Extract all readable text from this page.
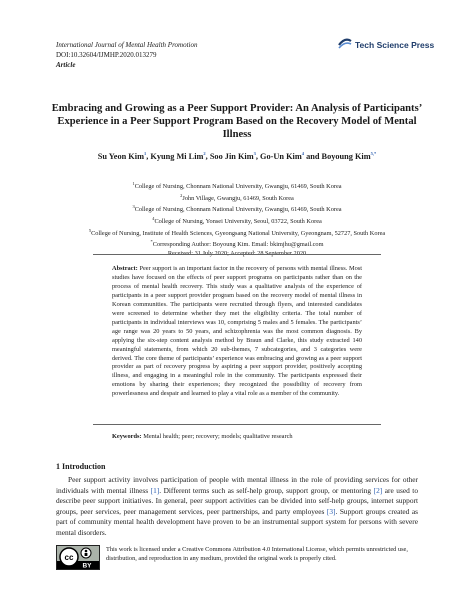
International Journal of Mental Health Promotion
DOI:10.32604/IJMHP.2020.013279
Article
Tech Science Press
Embracing and Growing as a Peer Support Provider: An Analysis of Participants’ Experience in a Peer Support Program Based on the Recovery Model of Mental Illness
Su Yeon Kim$^1$, Kyung Mi Lim$^2$, Soo Jin Kim$^3$, Go-Un Kim$^4$ and Boyoung Kim$^{5,*}$
$^1$College of Nursing, Chonnam National University, Gwangju, 61469, South Korea
$^2$John Village, Gwangju, 61469, South Korea
$^3$College of Nursing, Chonnam National University, Gwangju, 61469, South Korea
$^4$College of Nursing, Yonsei University, Seoul, 03722, South Korea
$^5$College of Nursing, Institute of Health Sciences, Gyeongsang National University, Gyeongnam, 52727, South Korea
*Corresponding Author: Boyoung Kim. Email: bkimjhu@gmail.com
Received: 31 July 2020; Accepted: 28 September 2020
Abstract: Peer support is an important factor in the recovery of persons with mental illness. Most studies have focused on the effects of peer support programs on participants rather than on the process of mental health recovery. This study was a qualitative analysis of the experience of participants in a peer support provider program based on the recovery model of mental illness in Korean communities. The participants were recruited through flyers, and interested candidates were screened to determine whether they met the eligibility criteria. The total number of participants in individual interviews was 10, comprising 5 males and 5 females. The participants’ age range was 20 years to 50 years, and schizophrenia was the most common diagnosis. By applying the six-step content analysis method by Braun and Clarke, this study extracted 140 meaningful statements, from which 20 sub-themes, 7 subcategories, and 3 categories were derived. The core theme of participants’ experience was embracing and growing as a peer support provider as part of recovery progress by aspiring a peer support provider, positively accepting illness, and engaging in a meaningful role in the community. The participants expressed their emotions by sharing their experiences; they recognized the possibility of recovery from powerlessness and despair and learned to play a vital role as a member of the community.
Keywords: Mental health; peer; recovery; models; qualitative research
1 Introduction
Peer support activity involves participation of people with mental illness in the role of providing services for other individuals with mental illness [1]. Different terms such as self-help group, support group, or mentoring [2] are used to describe peer support initiatives. In general, peer support activities can be divided into self-help groups, internet support groups, peer services, peer management services, peer partnerships, and party employees [3]. Support groups created as part of community mental health development have proven to be an instrumental support system for persons with severe mental disorders.
cc
BY
This work is licensed under a Creative Commons Attribution 4.0 International License, which permits unrestricted use, distribution, and reproduction in any medium, provided the original work is properly cited.
